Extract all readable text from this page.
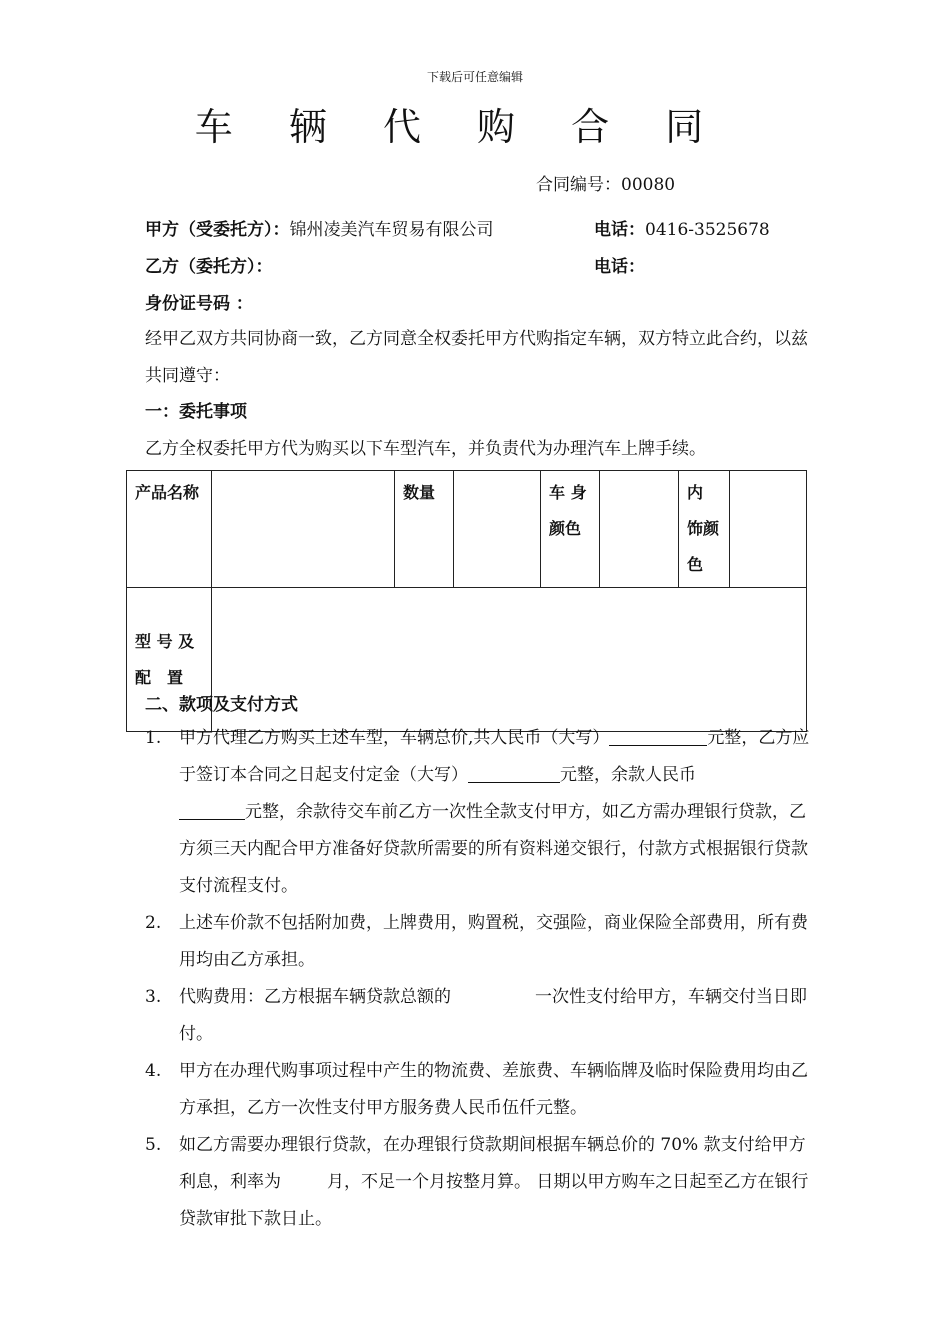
下载后可任意编辑
车 辆 代 购 合 同
合同编号：00080
甲方（受委托方）：锦州凌美汽车贸易有限公司	电话：0416-3525678
乙方（委托方）：	电话：
身份证号码 ：
经甲乙双方共同协商一致，乙方同意全权委托甲方代购指定车辆，双方特立此合约，以兹共同遵守：
一：委托事项
乙方全权委托甲方代为购买以下车型汽车，并负责代为办理汽车上牌手续。
产品名称		数量		车 身颜色		内 饰颜色	
型 号 及配　置							
二、款项及支付方式
1. 甲方代理乙方购买上述车型，车辆总价,共人民币（大写）	元整，乙方应于签订本合同之日起支付定金（大写）	元整，余款人民币
元整，余款待交车前乙方一次性全款支付甲方，如乙方需办理银行贷款，乙方须三天内配合甲方准备好贷款所需要的所有资料递交银行，付款方式根据银行贷款支付流程支付。
2. 上述车价款不包括附加费，上牌费用，购置税，交强险，商业保险全部费用，所有费用均由乙方承担。
3. 代购费用：乙方根据车辆贷款总额的	一次性支付给甲方，车辆交付当日即付。
4. 甲方在办理代购事项过程中产生的物流费、差旅费、车辆临牌及临时保险费用均由乙方承担，乙方一次性支付甲方服务费人民币伍仟元整。
5. 如乙方需要办理银行贷款，在办理银行贷款期间根据车辆总价的 70% 款支付给甲方利息，利率为	月，不足一个月按整月算。 日期以甲方购车之日起至乙方在银行贷款审批下款日止。
